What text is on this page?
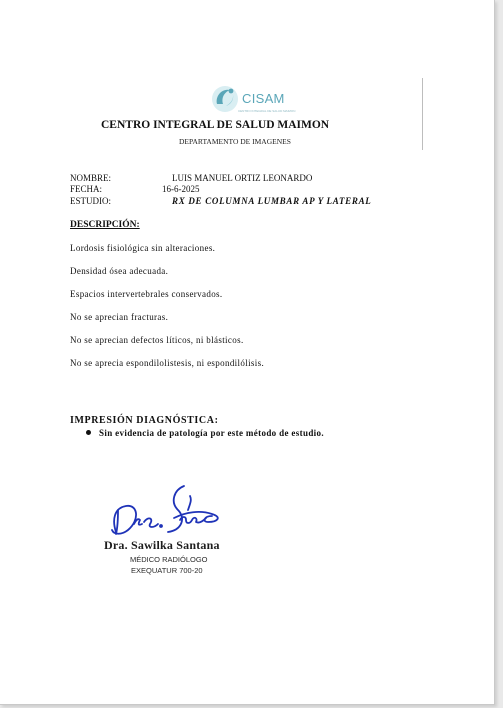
CISAM
CENTRO INTEGRAL DE SALUD MAIMON
CENTRO INTEGRAL DE SALUD MAIMON
DEPARTAMENTO DE IMAGENES
NOMBRE:	LUIS MANUEL ORTIZ LEONARDO
FECHA:	16-6-2025
ESTUDIO:	RX DE COLUMNA LUMBAR AP Y LATERAL
DESCRIPCIÓN:
Lordosis fisiológica sin alteraciones.
Densidad ósea adecuada.
Espacios intervertebrales conservados.
No se aprecian fracturas.
No se aprecian defectos líticos, ni blásticos.
No se aprecia espondilolistesis, ni espondilólisis.
IMPRESIÓN DIAGNÓSTICA:
Sin evidencia de patología por este método de estudio.
Dra. Santana
Dra. Sawilka Santana
MÉDICO RADIÓLOGO
EXEQUATUR 700-20
